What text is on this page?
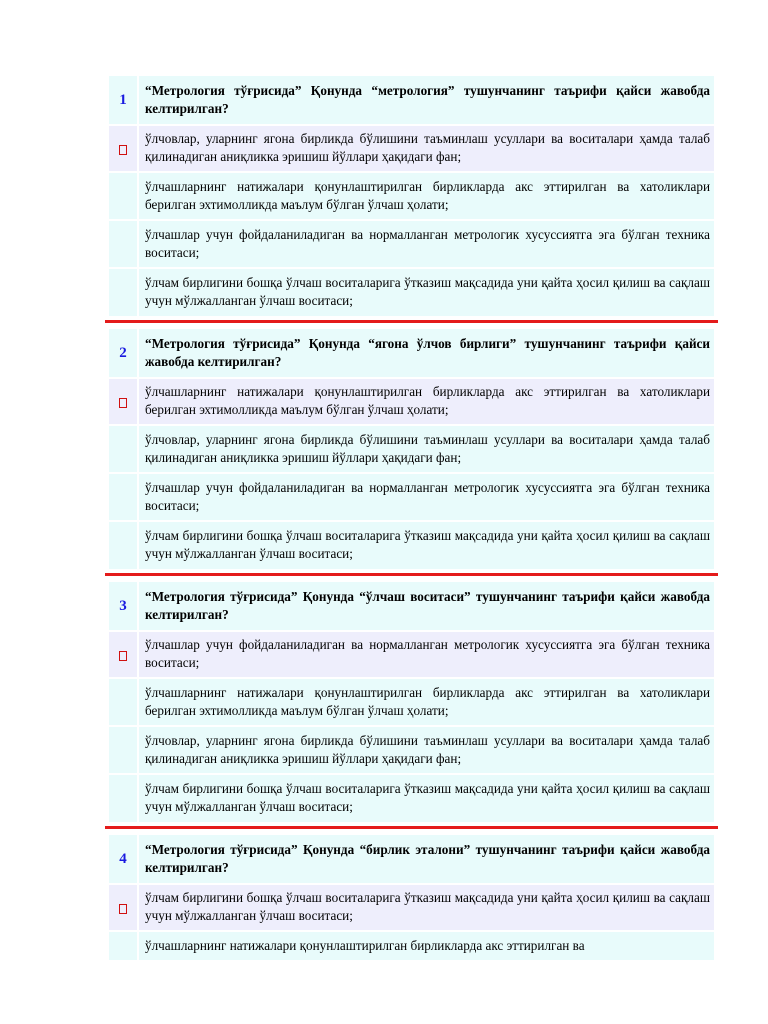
1	“Метрология тўғрисида” Қонунда “метрология” тушунчанинг таърифи қайси жавобда келтирилган?
	ўлчовлар, уларнинг ягона бирликда бўлишини таъминлаш усуллари ва воситалари ҳамда талаб қилинадиган аниқликка эришиш йўллари ҳақидаги фан;
	ўлчашларнинг натижалари қонунлаштирилган бирликларда акс эттирилган ва хатоликлари берилган эхтимолликда маълум бўлган ўлчаш ҳолати;
	ўлчашлар учун фойдаланиладиган ва нормалланган метрологик хусуссиятга эга бўлган техника воситаси;
	ўлчам бирлигини бошқа ўлчаш воситаларига ўтказиш мақсадида уни қайта ҳосил қилиш ва сақлаш учун мўлжалланган ўлчаш воситаси;
2	“Метрология тўғрисида” Қонунда “ягона ўлчов бирлиги” тушунчанинг таърифи қайси жавобда келтирилган?
	ўлчашларнинг натижалари қонунлаштирилган бирликларда акс эттирилган ва хатоликлари берилган эхтимолликда маълум бўлган ўлчаш ҳолати;
	ўлчовлар, уларнинг ягона бирликда бўлишини таъминлаш усуллари ва воситалари ҳамда талаб қилинадиган аниқликка эришиш йўллари ҳақидаги фан;
	ўлчашлар учун фойдаланиладиган ва нормалланган метрологик хусуссиятга эга бўлган техника воситаси;
	ўлчам бирлигини бошқа ўлчаш воситаларига ўтказиш мақсадида уни қайта ҳосил қилиш ва сақлаш учун мўлжалланган ўлчаш воситаси;
3	“Метрология тўғрисида” Қонунда “ўлчаш воситаси” тушунчанинг таърифи қайси жавобда келтирилган?
	ўлчашлар учун фойдаланиладиган ва нормалланган метрологик хусуссиятга эга бўлган техника воситаси;
	ўлчашларнинг натижалари қонунлаштирилган бирликларда акс эттирилган ва хатоликлари берилган эхтимолликда маълум бўлган ўлчаш ҳолати;
	ўлчовлар, уларнинг ягона бирликда бўлишини таъминлаш усуллари ва воситалари ҳамда талаб қилинадиган аниқликка эришиш йўллари ҳақидаги фан;
	ўлчам бирлигини бошқа ўлчаш воситаларига ўтказиш мақсадида уни қайта ҳосил қилиш ва сақлаш учун мўлжалланган ўлчаш воситаси;
4	“Метрология тўғрисида” Қонунда “бирлик эталони” тушунчанинг таърифи қайси жавобда келтирилган?
	ўлчам бирлигини бошқа ўлчаш воситаларига ўтказиш мақсадида уни қайта ҳосил қилиш ва сақлаш учун мўлжалланган ўлчаш воситаси;
	ўлчашларнинг натижалари қонунлаштирилган бирликларда акс эттирилган ва
